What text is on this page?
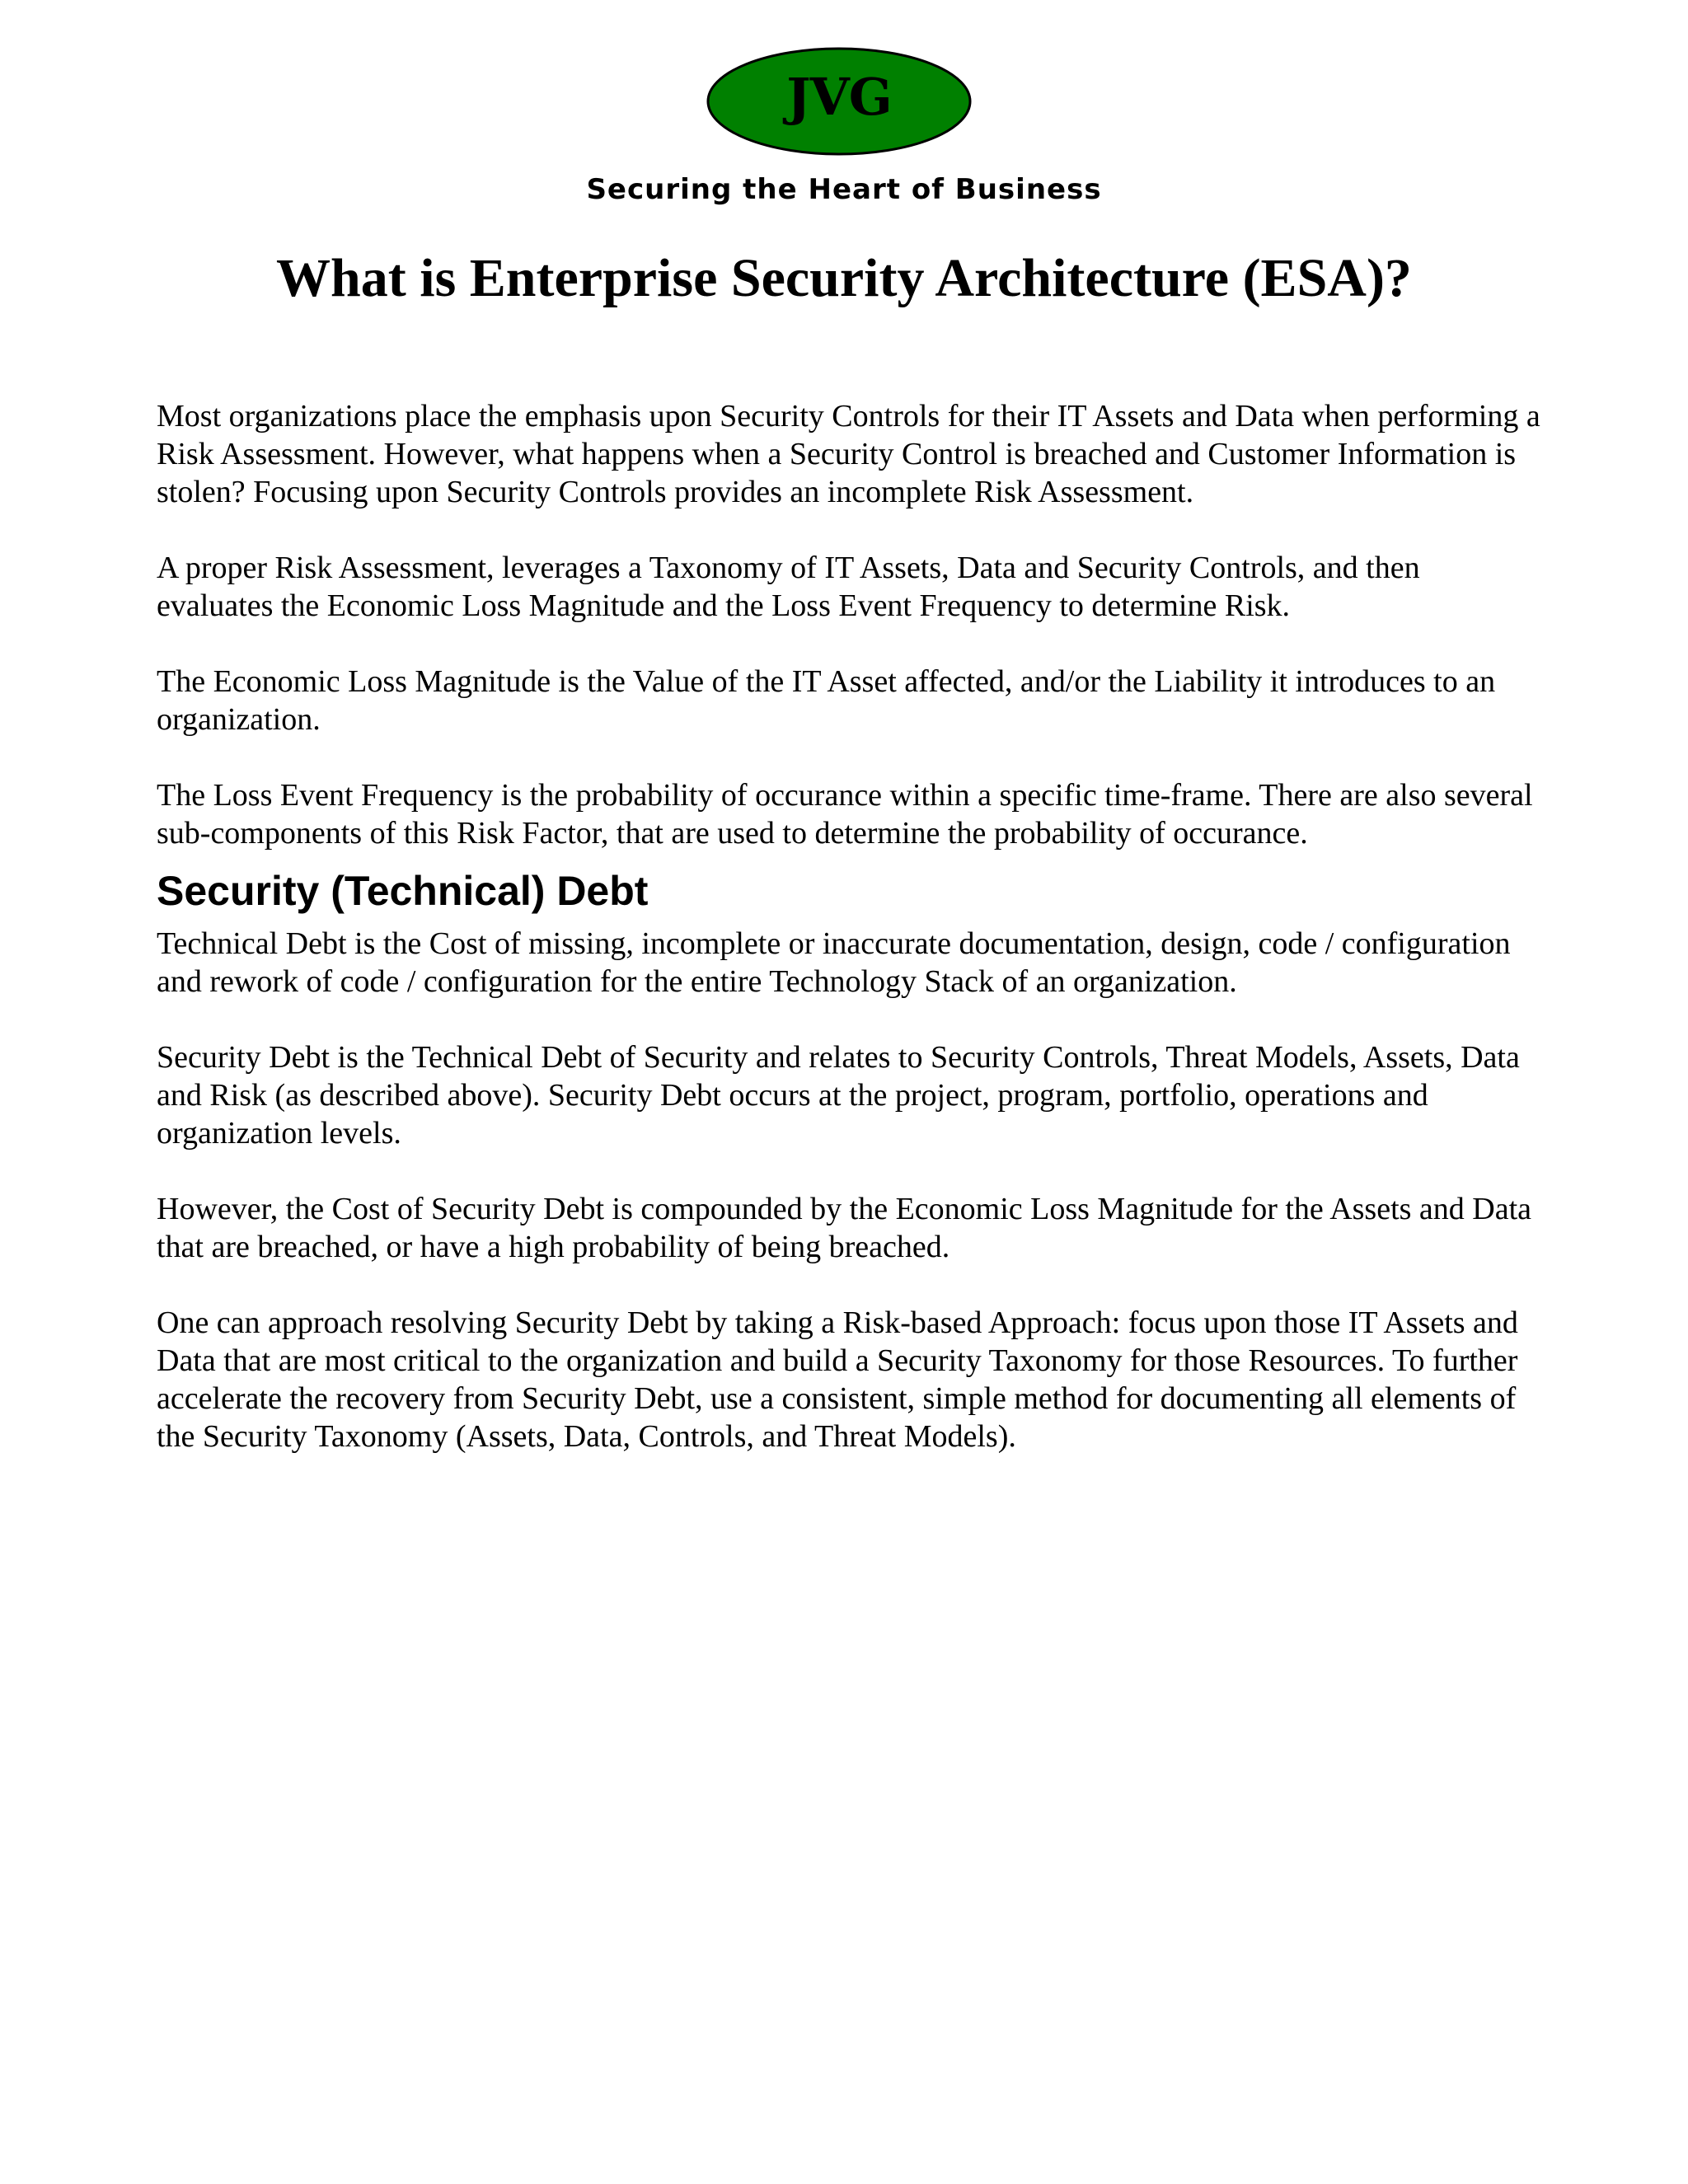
JVG
Securing the Heart of Business
What is Enterprise Security Architecture (ESA)?

Most organizations place the emphasis upon Security Controls for their IT Assets and Data when performing a Risk Assessment. However, what happens when a Security Control is breached and Customer Information is stolen? Focusing upon Security Controls provides an incomplete Risk Assessment.

A proper Risk Assessment, leverages a Taxonomy of IT Assets, Data and Security Controls, and then evaluates the Economic Loss Magnitude and the Loss Event Frequency to determine Risk.

The Economic Loss Magnitude is the Value of the IT Asset affected, and/or the Liability it introduces to an organization.

The Loss Event Frequency is the probability of occurance within a specific time-frame. There are also several sub-components of this Risk Factor, that are used to determine the probability of occurance.

Security (Technical) Debt

Technical Debt is the Cost of missing, incomplete or inaccurate documentation, design, code / configuration and rework of code / configuration for the entire Technology Stack of an organization.

Security Debt is the Technical Debt of Security and relates to Security Controls, Threat Models, Assets, Data and Risk (as described above). Security Debt occurs at the project, program, portfolio, operations and organization levels.

However, the Cost of Security Debt is compounded by the Economic Loss Magnitude for the Assets and Data that are breached, or have a high probability of being breached.

One can approach resolving Security Debt by taking a Risk-based Approach: focus upon those IT Assets and Data that are most critical to the organization and build a Security Taxonomy for those Resources. To further accelerate the recovery from Security Debt, use a consistent, simple method for documenting all elements of the Security Taxonomy (Assets, Data, Controls, and Threat Models).
